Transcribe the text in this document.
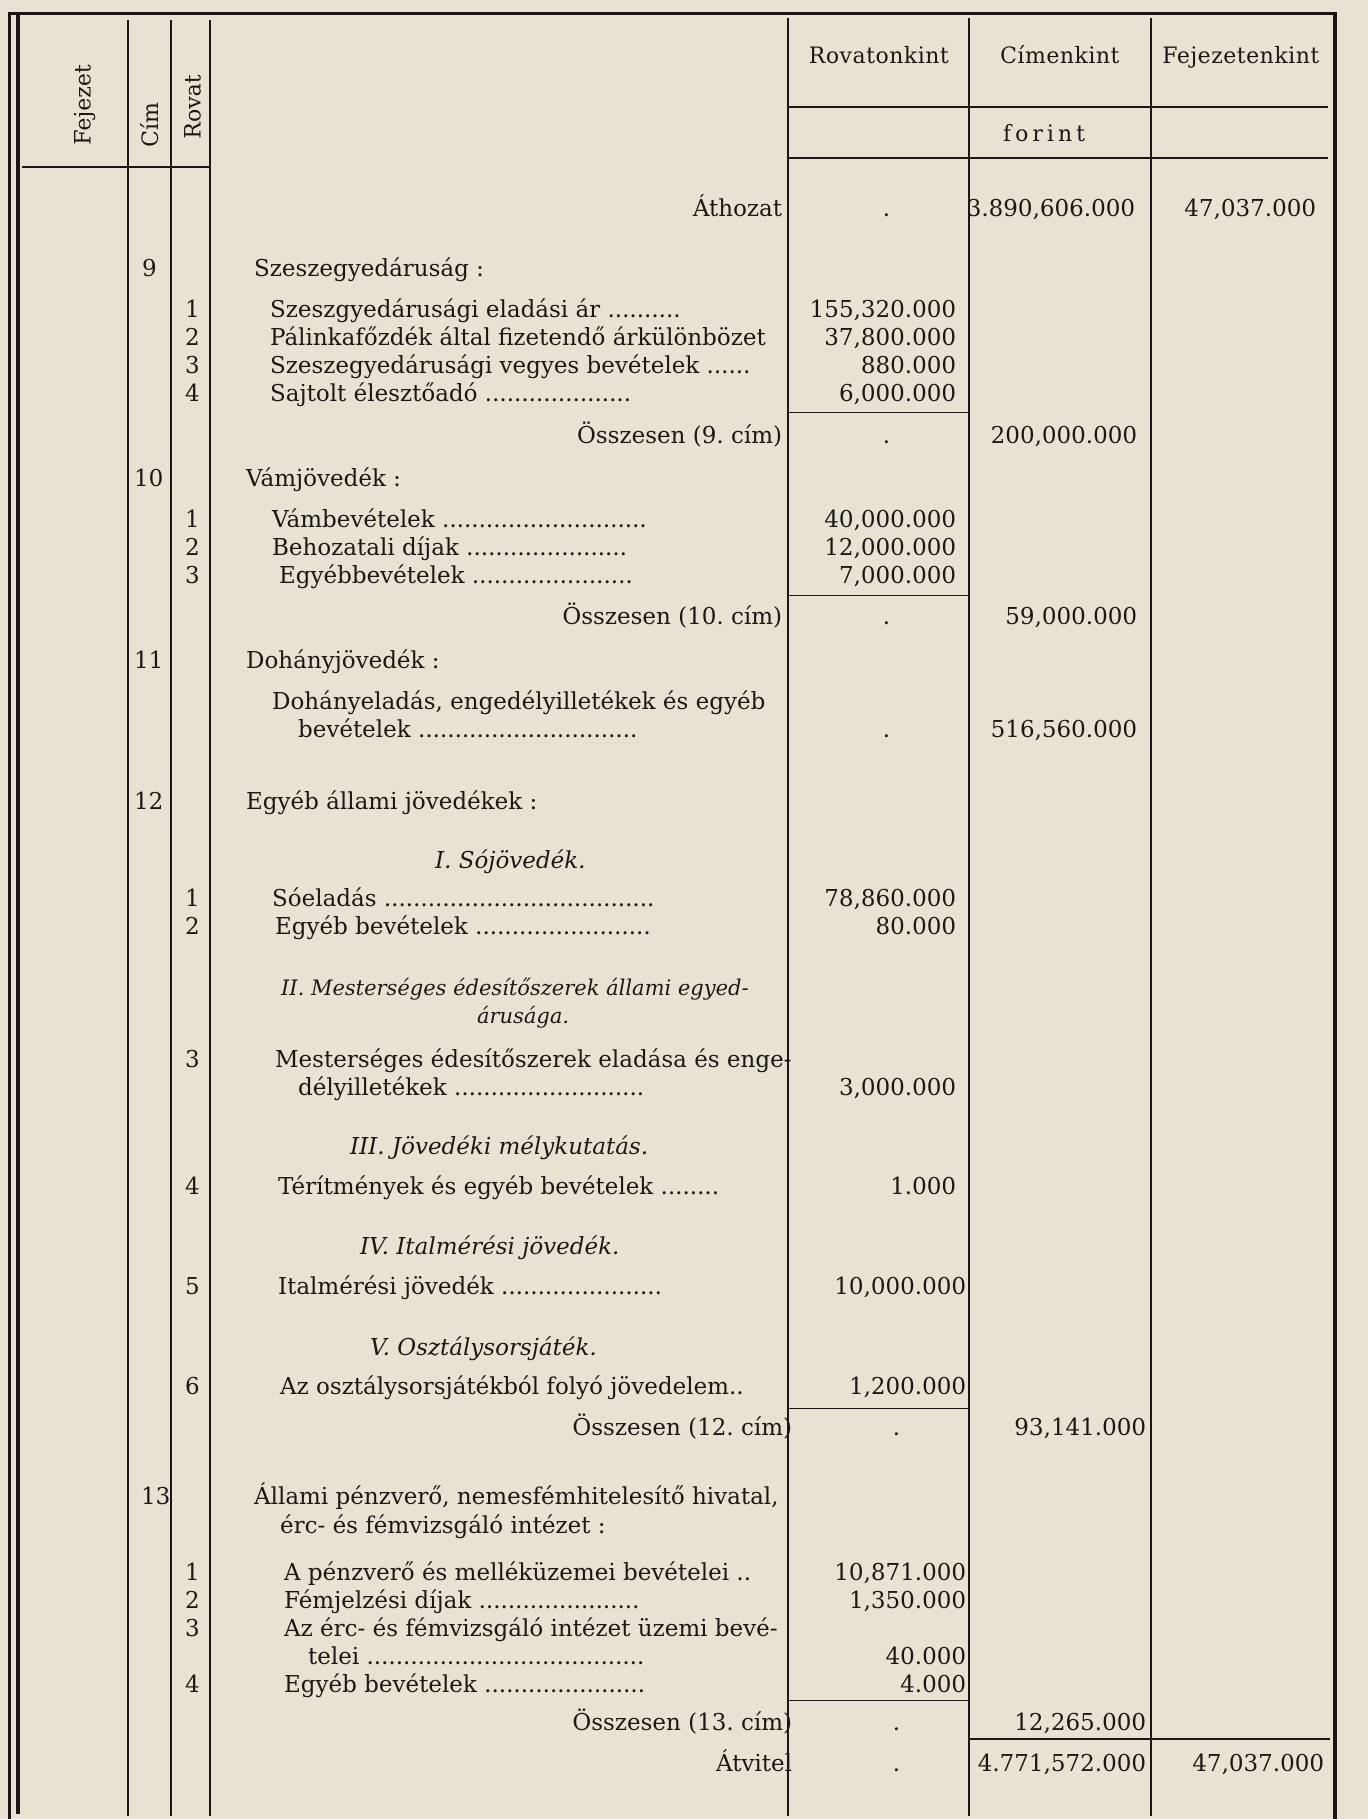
Fejezet Cím Rovat
Rovatonkint	Címenkint	Fejezetenkint
forint
Áthozat	.	3.890,606.000	47,037.000
9	Szeszegyedáruság :
1	Szeszgyedárusági eladási ár ..........	155,320.000
2	Pálinkafőzdék által fizetendő árkülönbözet	37,800.000
3	Szeszegyedárusági vegyes bevételek ......	880.000
4	Sajtolt élesztőadó ....................	6,000.000
Összesen (9. cím)	.	200,000.000
10	Vámjövedék :
1	Vámbevételek ............................	40,000.000
2	Behozatali díjak ......................	12,000.000
3	Egyébbevételek ......................	7,000.000
Összesen (10. cím)	.	59,000.000
11	Dohányjövedék :
Dohányeladás, engedélyilletékek és egyéb
bevételek ..............................	.	516,560.000
12	Egyéb állami jövedékek :
I. Sójövedék.
1	Sóeladás .....................................	78,860.000
2	Egyéb bevételek ........................	80.000
II. Mesterséges édesítőszerek állami egyed-
árusága.
3	Mesterséges édesítőszerek eladása és enge-
délyilletékek ..........................	3,000.000
III. Jövedéki mélykutatás.
4	Térítmények és egyéb bevételek ........	1.000
IV. Italmérési jövedék.
5	Italmérési jövedék ......................	10,000.000
V. Osztálysorsjáték.
6	Az osztálysorsjátékból folyó jövedelem..	1,200.000
Összesen (12. cím)	.	93,141.000
13	Állami pénzverő, nemesfémhitelesítő hivatal,
érc- és fémvizsgáló intézet :
1	A pénzverő és melléküzemei bevételei ..	10,871.000
2	Fémjelzési díjak ......................	1,350.000
3	Az érc- és fémvizsgáló intézet üzemi bevé-
telei ......................................	40.000
4	Egyéb bevételek ......................	4.000
Összesen (13. cím)	.	12,265.000
Átvitel	.	4.771,572.000	47,037.000
